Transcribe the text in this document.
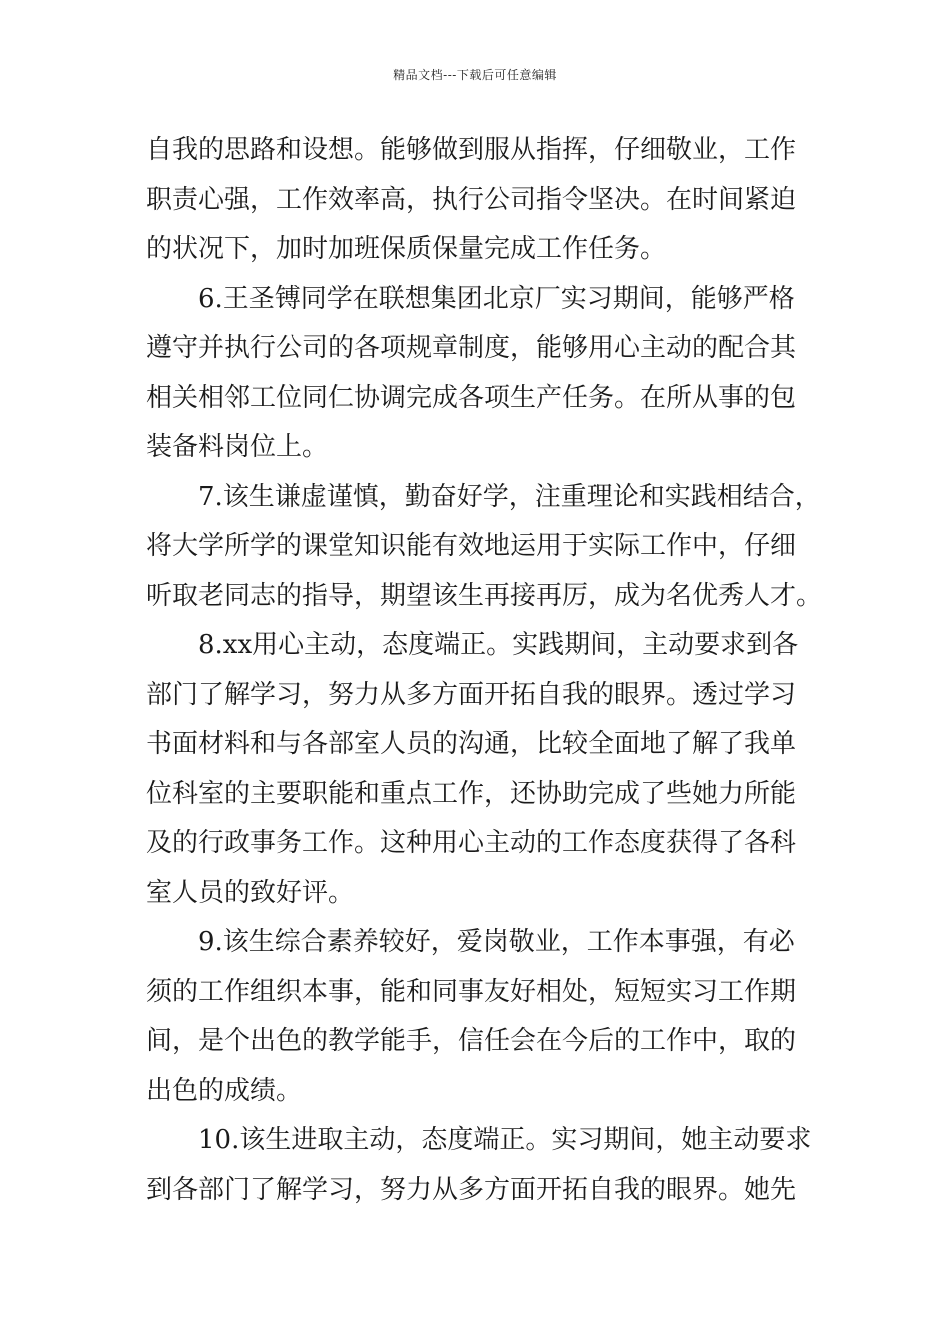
精品文档---下载后可任意编辑
自我的思路和设想。能够做到服从指挥，仔细敬业，工作
职责心强，工作效率高，执行公司指令坚决。在时间紧迫
的状况下，加时加班保质保量完成工作任务。
6.王圣镈同学在联想集团北京厂实习期间，能够严格
遵守并执行公司的各项规章制度，能够用心主动的配合其
相关相邻工位同仁协调完成各项生产任务。在所从事的包
装备料岗位上。
7.该生谦虚谨慎，勤奋好学，注重理论和实践相结合，
将大学所学的课堂知识能有效地运用于实际工作中，仔细
听取老同志的指导，期望该生再接再厉，成为名优秀人才。
8.xx用心主动，态度端正。实践期间，主动要求到各
部门了解学习，努力从多方面开拓自我的眼界。透过学习
书面材料和与各部室人员的沟通，比较全面地了解了我单
位科室的主要职能和重点工作，还协助完成了些她力所能
及的行政事务工作。这种用心主动的工作态度获得了各科
室人员的致好评。
9.该生综合素养较好，爱岗敬业，工作本事强，有必
须的工作组织本事，能和同事友好相处，短短实习工作期
间，是个出色的教学能手，信任会在今后的工作中，取的
出色的成绩。
10.该生进取主动，态度端正。实习期间，她主动要求
到各部门了解学习，努力从多方面开拓自我的眼界。她先
